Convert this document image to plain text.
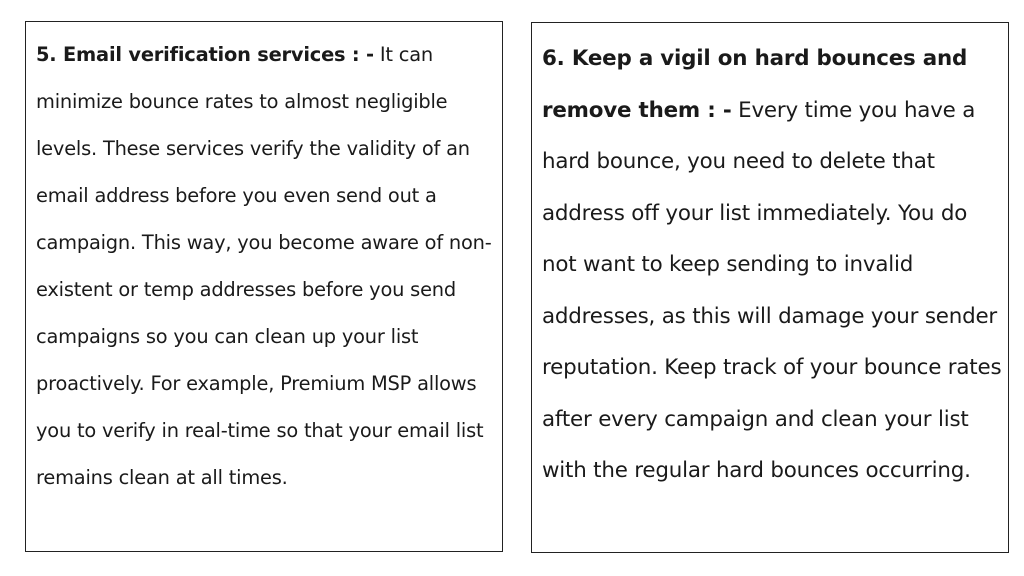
5. Email verification services : - It can minimize bounce rates to almost negligible levels. These services verify the validity of an email address before you even send out a campaign. This way, you become aware of non-existent or temp addresses before you send campaigns so you can clean up your list proactively. For example, Premium MSP allows you to verify in real-time so that your email list remains clean at all times.

6. Keep a vigil on hard bounces and remove them : - Every time you have a hard bounce, you need to delete that address off your list immediately. You do not want to keep sending to invalid addresses, as this will damage your sender reputation. Keep track of your bounce rates after every campaign and clean your list with the regular hard bounces occurring.
